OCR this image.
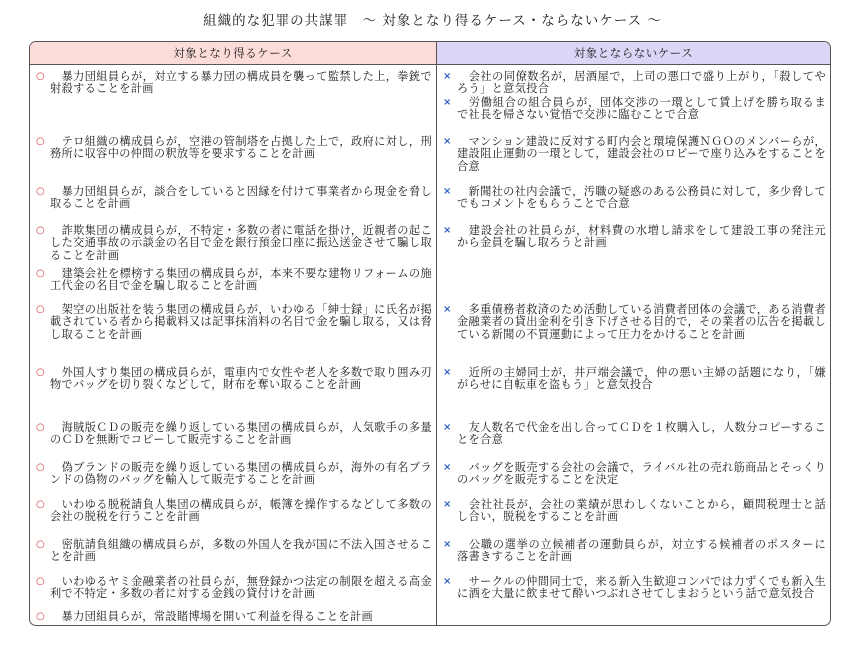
組織的な犯罪の共謀罪　～ 対象となり得るケース・ならないケース ～
対象となり得るケース
○ 　暴力団組員らが，対立する暴力団の構成員を襲って監禁した上，拳銃で射殺することを計画
○ 　テロ組織の構成員らが，空港の管制塔を占拠した上で，政府に対し，刑務所に収容中の仲間の釈放等を要求することを計画
○ 　暴力団組員らが，談合をしていると因縁を付けて事業者から現金を脅し取ることを計画
○ 　詐欺集団の構成員らが，不特定・多数の者に電話を掛け，近親者の起こした交通事故の示談金の名目で金を銀行預金口座に振込送金させて騙し取ることを計画
○ 　建築会社を標榜する集団の構成員らが，本来不要な建物リフォームの施工代金の名目で金を騙し取ることを計画
○ 　架空の出版社を装う集団の構成員らが，いわゆる「紳士録」に氏名が掲載されている者から掲載料又は記事抹消料の名目で金を騙し取る，又は脅し取ることを計画
○ 　外国人すり集団の構成員らが，電車内で女性や老人を多数で取り囲み刃物でバッグを切り裂くなどして，財布を奪い取ることを計画
○ 　海賊版ＣＤの販売を繰り返している集団の構成員らが，人気歌手の多量のＣＤを無断でコピーして販売することを計画
○ 　偽ブランドの販売を繰り返している集団の構成員らが，海外の有名ブランドの偽物のバッグを輸入して販売することを計画
○ 　いわゆる脱税請負人集団の構成員らが，帳簿を操作するなどして多数の会社の脱税を行うことを計画
○ 　密航請負組織の構成員らが，多数の外国人を我が国に不法入国させることを計画
○ 　いわゆるヤミ金融業者の社員らが，無登録かつ法定の制限を超える高金利で不特定・多数の者に対する金銭の貸付けを計画
○ 　暴力団組員らが，常設賭博場を開いて利益を得ることを計画
対象とならないケース
× 　会社の同僚数名が，居酒屋で，上司の悪口で盛り上がり，「殺してやろう」と意気投合
× 　労働組合の組合員らが，団体交渉の一環として賃上げを勝ち取るまで社長を帰さない覚悟で交渉に臨むことで合意
× 　マンション建設に反対する町内会と環境保護ＮＧＯのメンバーらが，建設阻止運動の一環として，建設会社のロビーで座り込みをすることを合意
× 　新聞社の社内会議で，汚職の疑惑のある公務員に対して，多少脅してでもコメントをもらうことで合意
× 　建設会社の社員らが，材料費の水増し請求をして建設工事の発注元から金員を騙し取ろうと計画
× 　多重債務者救済のため活動している消費者団体の会議で，ある消費者金融業者の貸出金利を引き下げさせる目的で，その業者の広告を掲載している新聞の不買運動によって圧力をかけることを計画
× 　近所の主婦同士が，井戸端会議で，仲の悪い主婦の話題になり，「嫌がらせに自転車を盗もう」と意気投合
× 　友人数名で代金を出し合ってＣＤを１枚購入し，人数分コピーすることを合意
× 　バッグを販売する会社の会議で，ライバル社の売れ筋商品とそっくりのバッグを販売することを決定
× 　会社社長が，会社の業績が思わしくないことから，顧問税理士と話し合い，脱税をすることを計画
× 　公職の選挙の立候補者の運動員らが，対立する候補者のポスターに落書きすることを計画
× 　サークルの仲間同士で，来る新入生歓迎コンパでは力ずくでも新入生に酒を大量に飲ませて酔いつぶれさせてしまおうという話で意気投合
